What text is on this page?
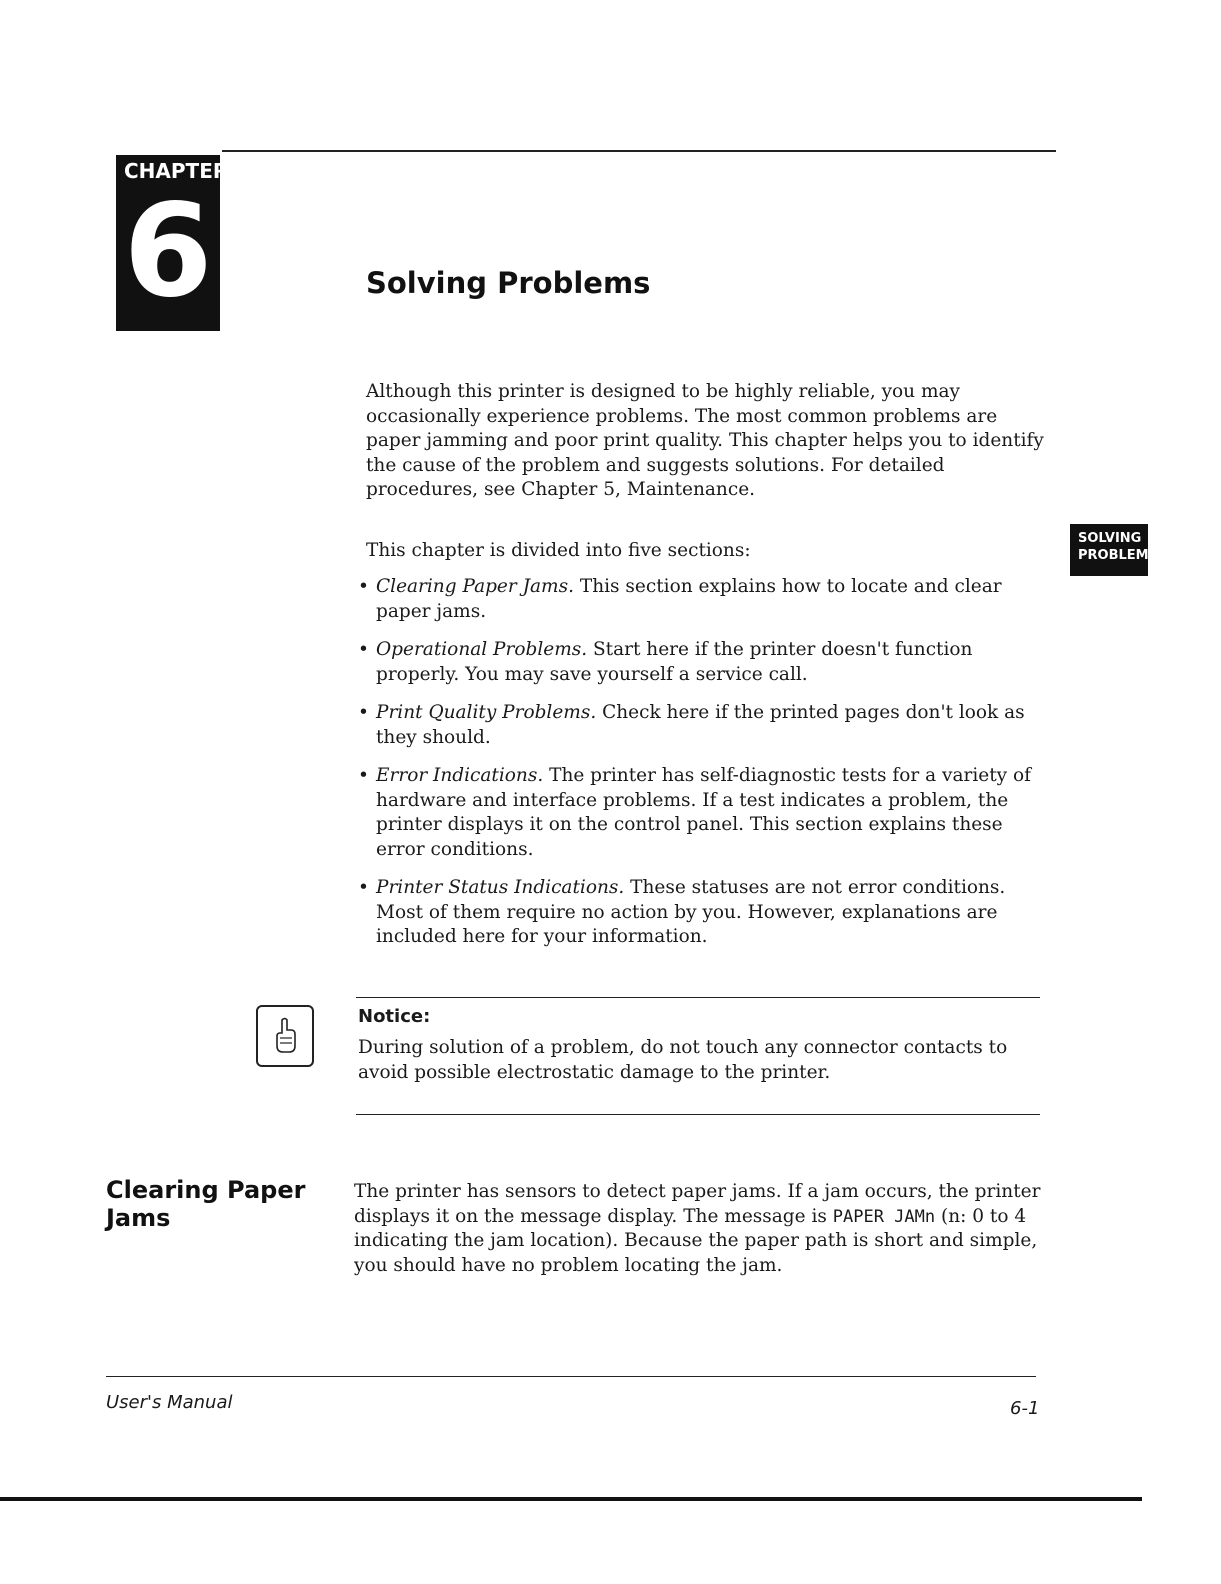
CHAPTER
6	Solving Problems
SOLVING
PROBLEMS
Although this printer is designed to be highly reliable, you may occasionally experience problems. The most common problems are paper jamming and poor print quality. This chapter helps you to identify the cause of the problem and suggests solutions. For detailed procedures, see Chapter 5, Maintenance.
This chapter is divided into five sections:
• Clearing Paper Jams. This section explains how to locate and clear paper jams.
• Operational Problems. Start here if the printer doesn't function properly. You may save yourself a service call.
• Print Quality Problems. Check here if the printed pages don't look as they should.
• Error Indications. The printer has self-diagnostic tests for a variety of hardware and interface problems. If a test indicates a problem, the printer displays it on the control panel. This section explains these error conditions.
• Printer Status Indications. These statuses are not error conditions. Most of them require no action by you. However, explanations are included here for your information.
Notice:
During solution of a problem, do not touch any connector contacts to avoid possible electrostatic damage to the printer.
Clearing Paper
Jams
The printer has sensors to detect paper jams. If a jam occurs, the printer displays it on the message display. The message is PAPER JAMn (n: 0 to 4 indicating the jam location). Because the paper path is short and simple, you should have no problem locating the jam.
User's Manual	6-1
